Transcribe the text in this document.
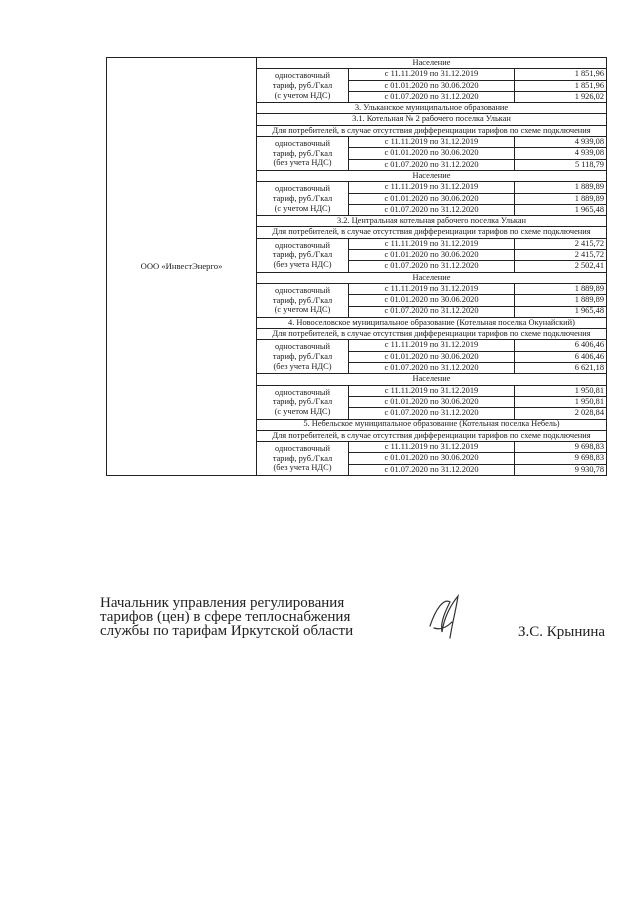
ООО «ИнвестЭнерго»	Население		

	одноставочный
тариф, руб./Гкал
(с учетом НДС)	с 11.11.2019 по 31.12.2019	1 851,96
		с 01.01.2020 по 30.06.2020	1 851,96
		с 01.07.2020 по 31.12.2020	1 926,02
	3. Ульканское муниципальное образование		
	3.1. Котельная № 2 рабочего поселка Улькан		
	Для потребителей, в случае отсутствия дифференциации тарифов по схеме подключения		

	одноставочный
тариф, руб./Гкал
(без учета НДС)	с 11.11.2019 по 31.12.2019	4 939,08
		с 01.01.2020 по 30.06.2020	4 939,08
		с 01.07.2020 по 31.12.2020	5 118,79
	Население		

	одноставочный
тариф, руб./Гкал
(с учетом НДС)	с 11.11.2019 по 31.12.2019	1 889,89
		с 01.01.2020 по 30.06.2020	1 889,89
		с 01.07.2020 по 31.12.2020	1 965,48
	3.2. Центральная котельная рабочего поселка Улькан		
	Для потребителей, в случае отсутствия дифференциации тарифов по схеме подключения		

	одноставочный
тариф, руб./Гкал
(без учета НДС)	с 11.11.2019 по 31.12.2019	2 415,72
		с 01.01.2020 по 30.06.2020	2 415,72
		с 01.07.2020 по 31.12.2020	2 502,41
	Население		

	одноставочный
тариф, руб./Гкал
(с учетом НДС)	с 11.11.2019 по 31.12.2019	1 889,89
		с 01.01.2020 по 30.06.2020	1 889,89
		с 01.07.2020 по 31.12.2020	1 965,48
	4. Новоселовское муниципальное образование (Котельная поселка Окунайский)		
	Для потребителей, в случае отсутствия дифференциации тарифов по схеме подключения		

	одноставочный
тариф, руб./Гкал
(без учета НДС)	с 11.11.2019 по 31.12.2019	6 406,46
		с 01.01.2020 по 30.06.2020	6 406,46
		с 01.07.2020 по 31.12.2020	6 621,18
	Население		

	одноставочный
тариф, руб./Гкал
(с учетом НДС)	с 11.11.2019 по 31.12.2019	1 950,81
		с 01.01.2020 по 30.06.2020	1 950,81
		с 01.07.2020 по 31.12.2020	2 028,84
	5. Небельское муниципальное образование (Котельная поселка Небель)		
	Для потребителей, в случае отсутствия дифференциации тарифов по схеме подключения		

	одноставочный
тариф, руб./Гкал
(без учета НДС)	с 11.11.2019 по 31.12.2019	9 698,83
		с 01.01.2020 по 30.06.2020	9 698,83
		с 01.07.2020 по 31.12.2020	9 930,78
Начальник управления регулирования
тарифов (цен) в сфере теплоснабжения
службы по тарифам Иркутской области	З.С. Крынина
